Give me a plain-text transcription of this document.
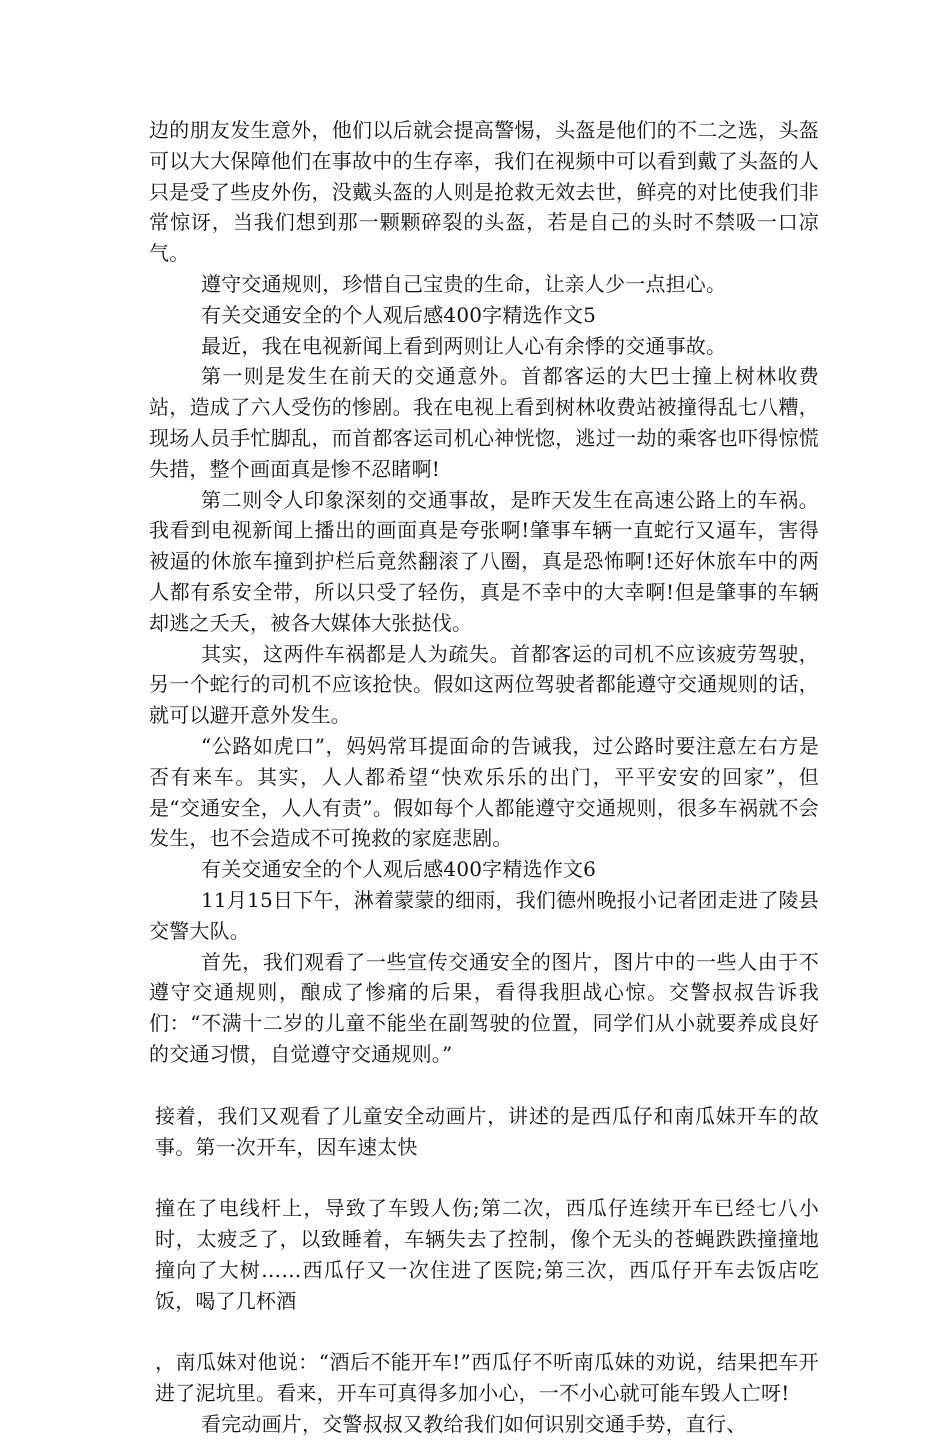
边的朋友发生意外，他们以后就会提高警惕，头盔是他们的不二之选，头盔可以大大保障他们在事故中的生存率，我们在视频中可以看到戴了头盔的人只是受了些皮外伤，没戴头盔的人则是抢救无效去世，鲜亮的对比使我们非常惊讶，当我们想到那一颗颗碎裂的头盔，若是自己的头时不禁吸一口凉气。

遵守交通规则，珍惜自己宝贵的生命，让亲人少一点担心。

有关交通安全的个人观后感400字精选作文5

最近，我在电视新闻上看到两则让人心有余悸的交通事故。

第一则是发生在前天的交通意外。首都客运的大巴士撞上树林收费站，造成了六人受伤的惨剧。我在电视上看到树林收费站被撞得乱七八糟，现场人员手忙脚乱，而首都客运司机心神恍惚，逃过一劫的乘客也吓得惊慌失措，整个画面真是惨不忍睹啊!

第二则令人印象深刻的交通事故，是昨天发生在高速公路上的车祸。我看到电视新闻上播出的画面真是夸张啊!肇事车辆一直蛇行又逼车，害得被逼的休旅车撞到护栏后竟然翻滚了八圈，真是恐怖啊!还好休旅车中的两人都有系安全带，所以只受了轻伤，真是不幸中的大幸啊!但是肇事的车辆却逃之夭夭，被各大媒体大张挞伐。

其实，这两件车祸都是人为疏失。首都客运的司机不应该疲劳驾驶，另一个蛇行的司机不应该抢快。假如这两位驾驶者都能遵守交通规则的话，就可以避开意外发生。

“公路如虎口”，妈妈常耳提面命的告诫我，过公路时要注意左右方是否有来车。其实，人人都希望“快欢乐乐的出门，平平安安的回家”，但是“交通安全，人人有责”。假如每个人都能遵守交通规则，很多车祸就不会发生，也不会造成不可挽救的家庭悲剧。

有关交通安全的个人观后感400字精选作文6

11月15日下午，淋着蒙蒙的细雨，我们德州晚报小记者团走进了陵县交警大队。

首先，我们观看了一些宣传交通安全的图片，图片中的一些人由于不遵守交通规则，酿成了惨痛的后果，看得我胆战心惊。交警叔叔告诉我们：“不满十二岁的儿童不能坐在副驾驶的位置，同学们从小就要养成良好的交通习惯，自觉遵守交通规则。”

接着，我们又观看了儿童安全动画片，讲述的是西瓜仔和南瓜妹开车的故事。第一次开车，因车速太快

撞在了电线杆上，导致了车毁人伤;第二次，西瓜仔连续开车已经七八小时，太疲乏了，以致睡着，车辆失去了控制，像个无头的苍蝇跌跌撞撞地撞向了大树……西瓜仔又一次住进了医院;第三次，西瓜仔开车去饭店吃饭，喝了几杯酒

，南瓜妹对他说：“酒后不能开车!”西瓜仔不听南瓜妹的劝说，结果把车开进了泥坑里。看来，开车可真得多加小心，一不小心就可能车毁人亡呀!

看完动画片，交警叔叔又教给我们如何识别交通手势，直行、
